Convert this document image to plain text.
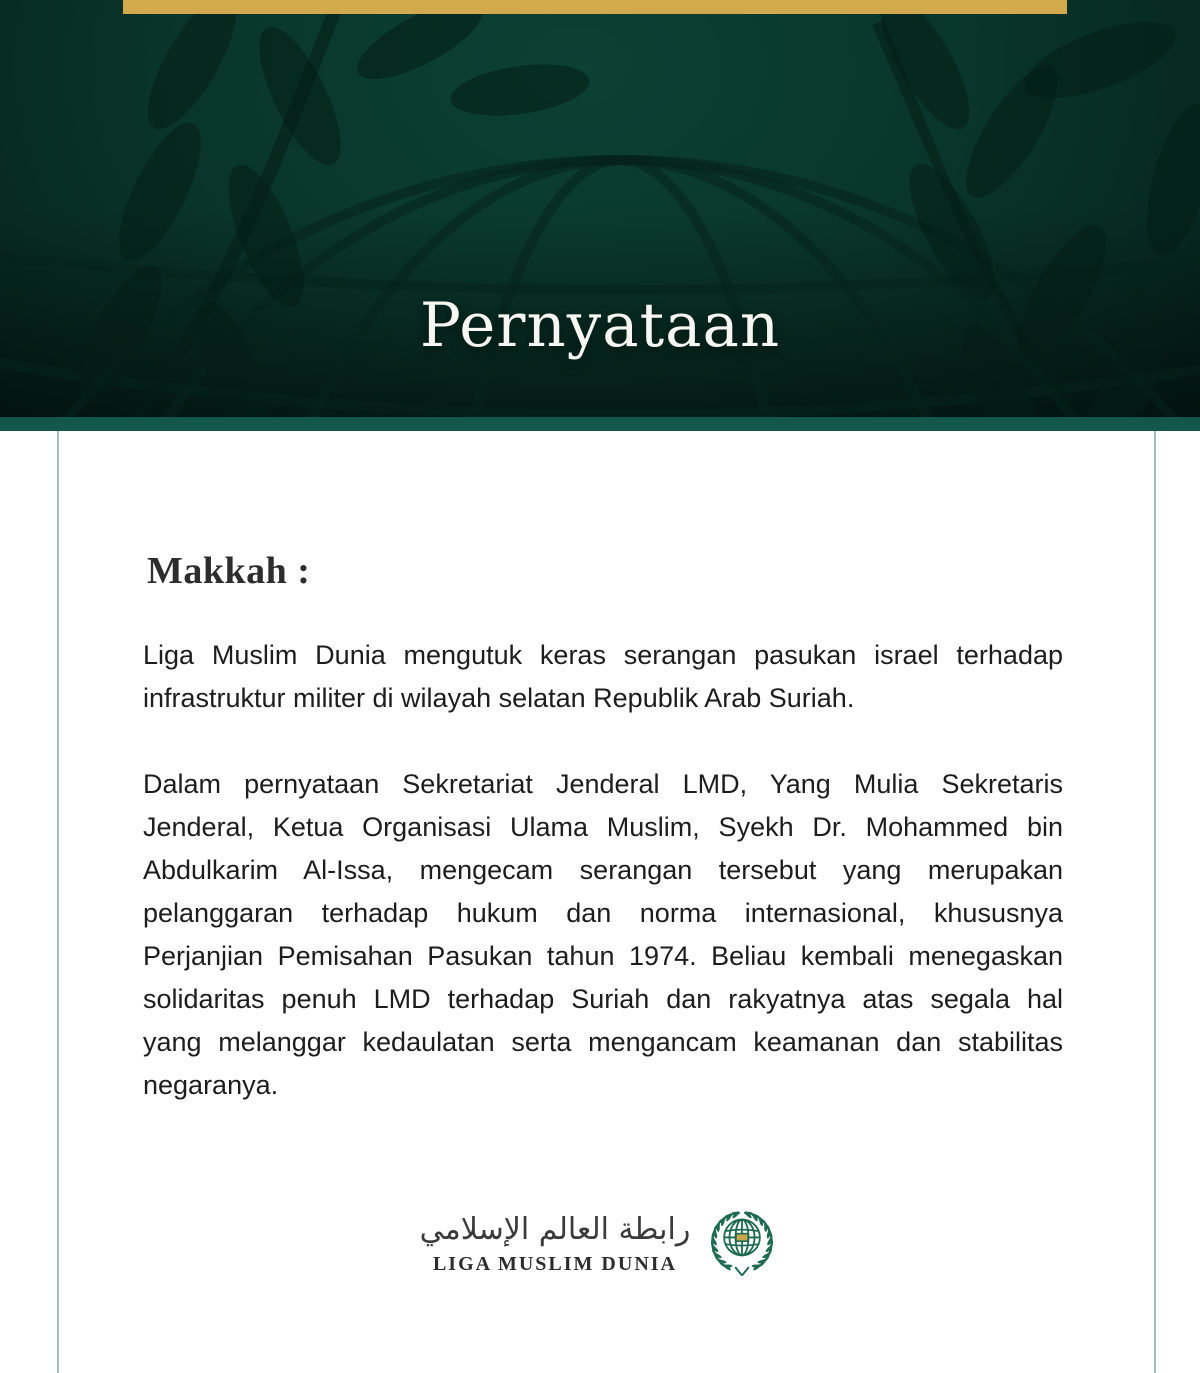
Pernyataan
Makkah :

Liga Muslim Dunia mengutuk keras serangan pasukan israel terhadap
infrastruktur militer di wilayah selatan Republik Arab Suriah.

Dalam pernyataan Sekretariat Jenderal LMD, Yang Mulia Sekretaris
Jenderal, Ketua Organisasi Ulama Muslim, Syekh Dr. Mohammed bin
Abdulkarim Al-Issa, mengecam serangan tersebut yang merupakan
pelanggaran terhadap hukum dan norma internasional, khususnya
Perjanjian Pemisahan Pasukan tahun 1974. Beliau kembali menegaskan
solidaritas penuh LMD terhadap Suriah dan rakyatnya atas segala hal
yang melanggar kedaulatan serta mengancam keamanan dan stabilitas
negaranya.

رابطة العالم الإسلامي
LIGA MUSLIM DUNIA
